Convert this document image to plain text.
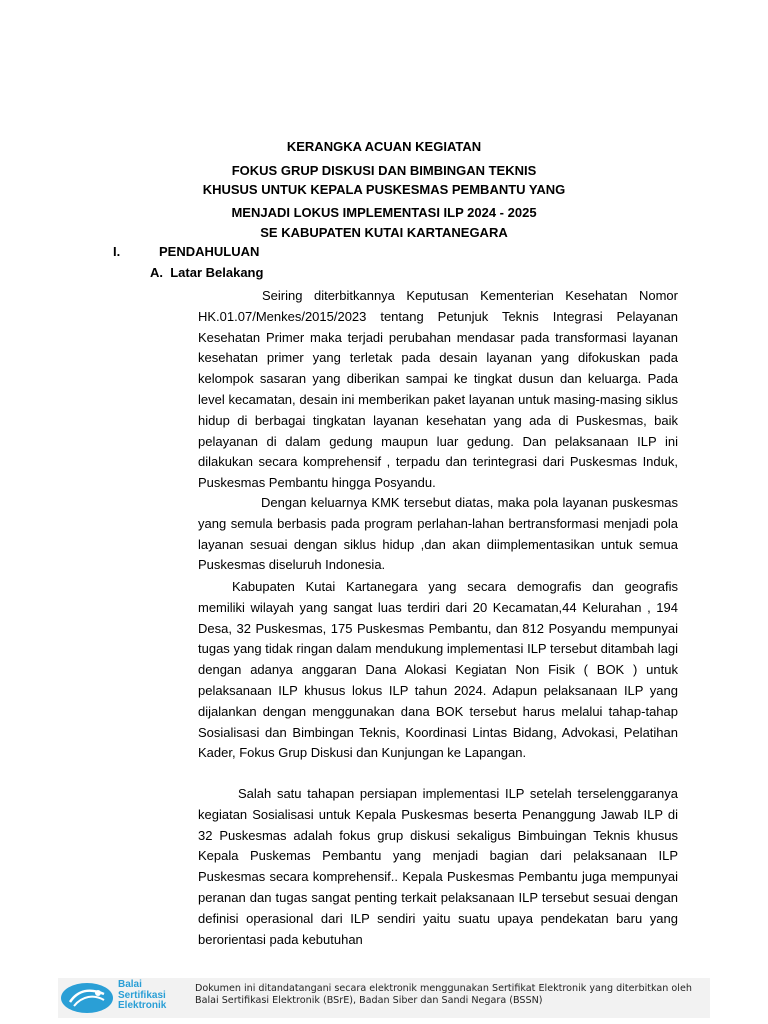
KERANGKA ACUAN KEGIATAN
FOKUS GRUP DISKUSI DAN BIMBINGAN TEKNIS
KHUSUS UNTUK KEPALA PUSKESMAS PEMBANTU YANG
MENJADI LOKUS IMPLEMENTASI ILP 2024 - 2025
SE KABUPATEN KUTAI KARTANEGARA
I.	PENDAHULUAN
A. Latar Belakang

Seiring diterbitkannya Keputusan Kementerian Kesehatan Nomor HK.01.07/Menkes/2015/2023 tentang Petunjuk Teknis Integrasi Pelayanan Kesehatan Primer maka terjadi perubahan mendasar pada transformasi layanan kesehatan primer yang terletak pada desain layanan yang difokuskan pada kelompok sasaran yang diberikan sampai ke tingkat dusun dan keluarga. Pada level kecamatan, desain ini memberikan paket layanan untuk masing-masing siklus hidup di berbagai tingkatan layanan kesehatan yang ada di Puskesmas, baik pelayanan di dalam gedung maupun luar gedung. Dan pelaksanaan ILP ini dilakukan secara komprehensif , terpadu dan terintegrasi dari Puskesmas Induk, Puskesmas Pembantu hingga Posyandu.

Dengan keluarnya KMK tersebut diatas, maka pola layanan puskesmas yang semula berbasis pada program perlahan-lahan bertransformasi menjadi pola layanan sesuai dengan siklus hidup ,dan akan diimplementasikan untuk semua Puskesmas diseluruh Indonesia.

Kabupaten Kutai Kartanegara yang secara demografis dan geografis memiliki wilayah yang sangat luas terdiri dari 20 Kecamatan,44 Kelurahan , 194 Desa, 32 Puskesmas, 175 Puskesmas Pembantu, dan 812 Posyandu mempunyai tugas yang tidak ringan dalam mendukung implementasi ILP tersebut ditambah lagi dengan adanya anggaran Dana Alokasi Kegiatan Non Fisik ( BOK ) untuk pelaksanaan ILP khusus lokus ILP tahun 2024. Adapun pelaksanaan ILP yang dijalankan dengan menggunakan dana BOK tersebut harus melalui tahap-tahap Sosialisasi dan Bimbingan Teknis, Koordinasi Lintas Bidang, Advokasi, Pelatihan Kader, Fokus Grup Diskusi dan Kunjungan ke Lapangan.

Salah satu tahapan persiapan implementasi ILP setelah terselenggaranya kegiatan Sosialisasi untuk Kepala Puskesmas beserta Penanggung Jawab ILP di 32 Puskesmas adalah fokus grup diskusi sekaligus Bimbuingan Teknis khusus Kepala Puskemas Pembantu yang menjadi bagian dari pelaksanaan ILP Puskesmas secara komprehensif.. Kepala Puskesmas Pembantu juga mempunyai peranan dan tugas sangat penting terkait pelaksanaan ILP tersebut sesuai dengan definisi operasional dari ILP sendiri yaitu suatu upaya pendekatan baru yang berorientasi pada kebutuhan

Balai
Sertifikasi
Elektronik
Dokumen ini ditandatangani secara elektronik menggunakan Sertifikat Elektronik yang diterbitkan oleh
Balai Sertifikasi Elektronik (BSrE), Badan Siber dan Sandi Negara (BSSN)
